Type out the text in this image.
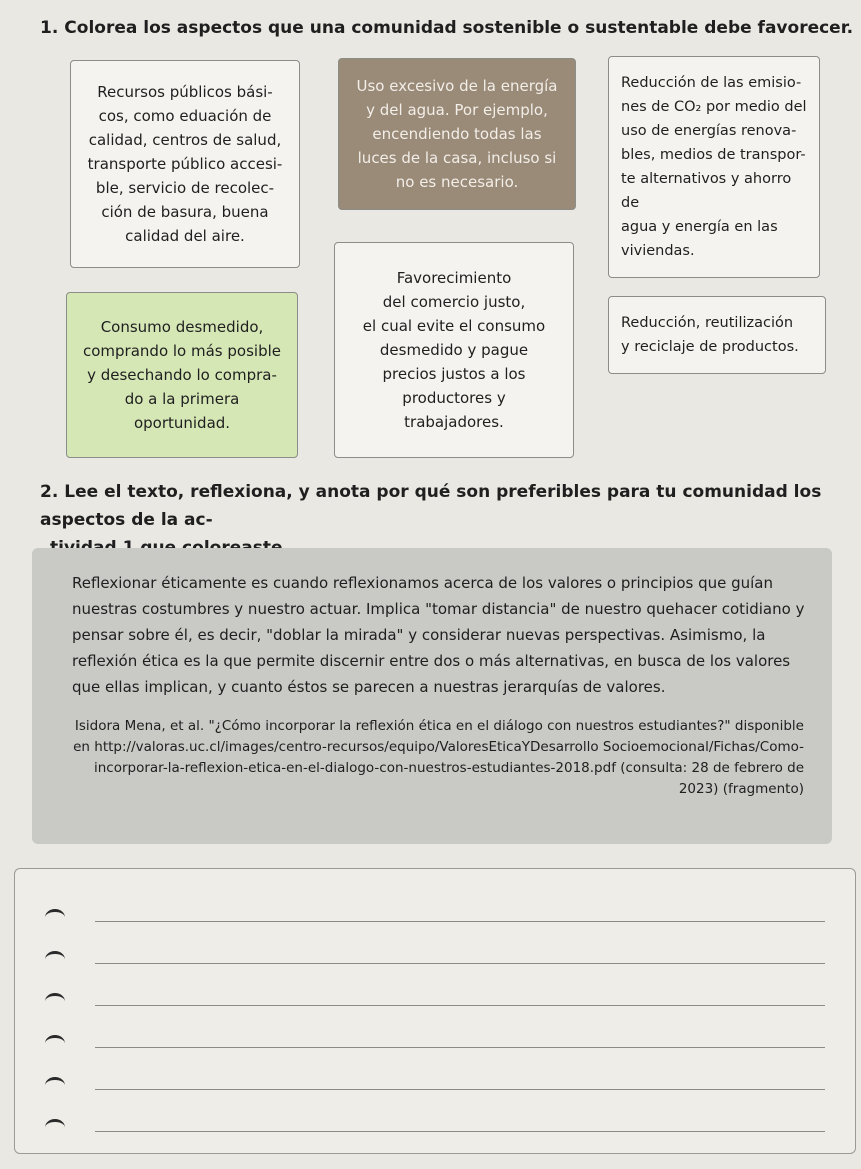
1. Colorea los aspectos que una comunidad sostenible o sustentable debe favorecer.
Recursos públicos bási-
cos, como eduación de
calidad, centros de salud,
transporte público accesi-
ble, servicio de recolec-
ción de basura, buena
calidad del aire.
Uso excesivo de la energía
y del agua. Por ejemplo,
encendiendo todas las
luces de la casa, incluso si
no es necesario.
Reducción de las emisio-
nes de CO₂ por medio del
uso de energías renova-
bles, medios de transpor-
te alternativos y ahorro de
agua y energía en las
viviendas.
Favorecimiento
del comercio justo,
el cual evite el consumo
desmedido y pague
precios justos a los
productores y
trabajadores.
Consumo desmedido,
comprando lo más posible
y desechando lo compra-
do a la primera
oportunidad.
Reducción, reutilización
y reciclaje de productos.
2. Lee el texto, reflexiona, y anota por qué son preferibles para tu comunidad los aspectos de la ac-

Reflexionar éticamente es cuando reflexionamos acerca de los valores o principios que guían nuestras costumbres y nuestro actuar. Implica "tomar distancia" de nuestro quehacer cotidiano y pensar sobre él, es decir, "doblar la mirada" y considerar nuevas perspectivas. Asimismo, la reflexión ética es la que permite discernir entre dos o más alternativas, en busca de los valores que ellas implican, y cuanto éstos se parecen a nuestras jerarquías de valores.

Isidora Mena, et al. "¿Cómo incorporar la reflexión ética en el diálogo con nuestros estudiantes?" disponible en http://valoras.uc.cl/images/centro-recursos/equipo/ValoresEticaYDesarrollo Socioemocional/Fichas/Como-incorporar-la-reflexion-etica-en-el-dialogo-con-nuestros-estudiantes-2018.pdf (consulta: 28 de febrero de 2023) (fragmento)
